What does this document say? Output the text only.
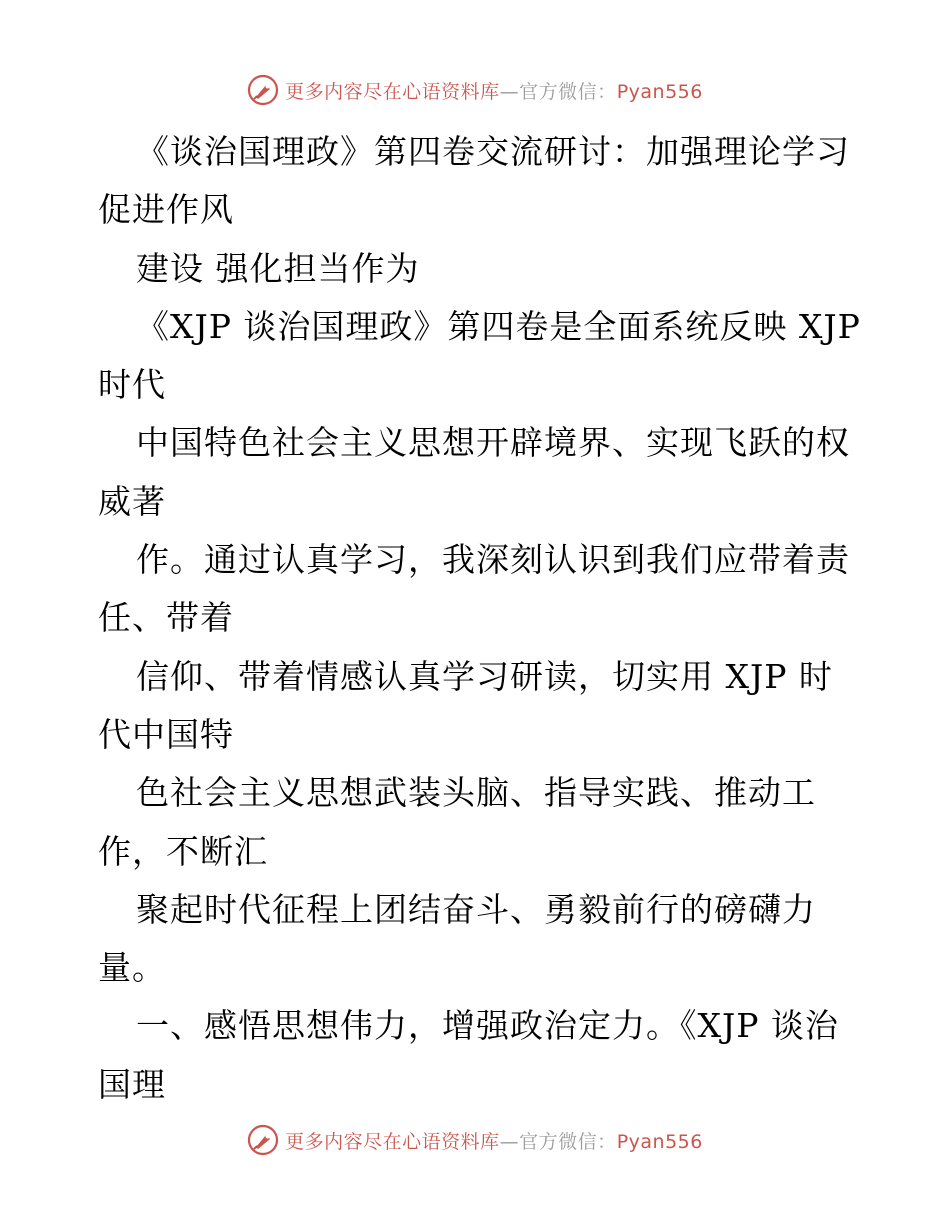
更多内容尽在心语资料库—官方微信：Pyan556
《谈治国理政》第四卷交流研讨：加强理论学习
促进作风
建设 强化担当作为
《XJP 谈治国理政》第四卷是全面系统反映 XJP
时代
中国特色社会主义思想开辟境界、实现飞跃的权
威著
作。通过认真学习，我深刻认识到我们应带着责
任、带着
信仰、带着情感认真学习研读，切实用 XJP 时
代中国特
色社会主义思想武装头脑、指导实践、推动工
作，不断汇
聚起时代征程上团结奋斗、勇毅前行的磅礴力
量。
一、感悟思想伟力，增强政治定力。《XJP 谈治
国理
更多内容尽在心语资料库—官方微信：Pyan556
